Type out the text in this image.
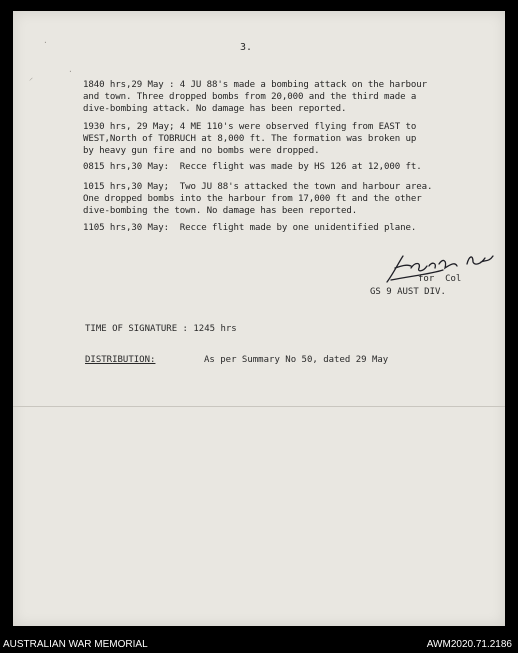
·
·
⸝
3.
1840 hrs,29 May : 4 JU 88's made a bombing attack on the harbour
and town. Three dropped bombs from 20,000 and the third made a
dive-bombing attack. No damage has been reported.
1930 hrs, 29 May; 4 ME 110's were observed flying from EAST to
WEST,North of TOBRUCH at 8,000 ft. The formation was broken up
by heavy gun fire and no bombs were dropped.
0815 hrs,30 May:  Recce flight was made by HS 126 at 12,000 ft.
1015 hrs,30 May;  Two JU 88's attacked the town and harbour area.
One dropped bombs into the harbour from 17,000 ft and the other
dive-bombing the town. No damage has been reported.
1105 hrs,30 May:  Recce flight made by one unidentified plane.
for  Col
GS 9 AUST DIV.
TIME OF SIGNATURE : 1245 hrs
DISTRIBUTION:	As per Summary No 50, dated 29 May
AUSTRALIAN WAR MEMORIAL	AWM2020.71.2186
